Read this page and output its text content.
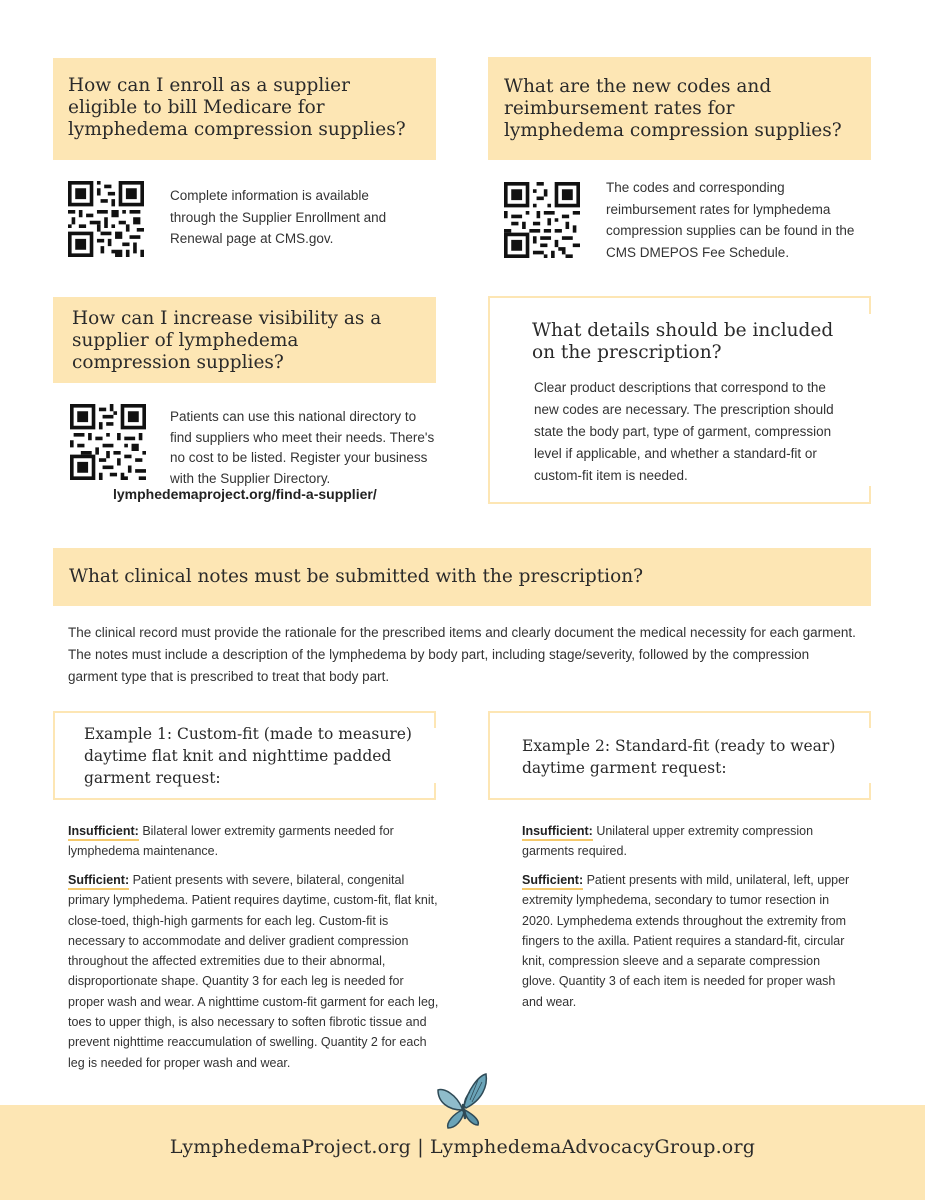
How can I enroll as a supplier eligible to bill Medicare for lymphedema compression supplies?
Complete information is available through the Supplier Enrollment and Renewal page at CMS.gov.
What are the new codes and reimbursement rates for lymphedema compression supplies?
The codes and corresponding reimbursement rates for lymphedema compression supplies can be found in the CMS DMEPOS Fee Schedule.
How can I increase visibility as a supplier of lymphedema compression supplies?
Patients can use this national directory to find suppliers who meet their needs. There's no cost to be listed. Register your business with the Supplier Directory.
lymphedemaproject.org/find-a-supplier/
What details should be included on the prescription?
Clear product descriptions that correspond to the new codes are necessary. The prescription should state the body part, type of garment, compression level if applicable, and whether a standard-fit or custom-fit item is needed.
What clinical notes must be submitted with the prescription?
The clinical record must provide the rationale for the prescribed items and clearly document the medical necessity for each garment. The notes must include a description of the lymphedema by body part, including stage/severity, followed by the compression garment type that is prescribed to treat that body part.
Example 1: Custom-fit (made to measure) daytime flat knit and nighttime padded garment request:
Insufficient: Bilateral lower extremity garments needed for lymphedema maintenance.
Sufficient: Patient presents with severe, bilateral, congenital primary lymphedema. Patient requires daytime, custom-fit, flat knit, close-toed, thigh-high garments for each leg. Custom-fit is necessary to accommodate and deliver gradient compression throughout the affected extremities due to their abnormal, disproportionate shape. Quantity 3 for each leg is needed for proper wash and wear. A nighttime custom-fit garment for each leg, toes to upper thigh, is also necessary to soften fibrotic tissue and prevent nighttime reaccumulation of swelling. Quantity 2 for each leg is needed for proper wash and wear.
Example 2: Standard-fit (ready to wear) daytime garment request:
Insufficient: Unilateral upper extremity compression garments required.
Sufficient: Patient presents with mild, unilateral, left, upper extremity lymphedema, secondary to tumor resection in 2020. Lymphedema extends throughout the extremity from fingers to the axilla. Patient requires a standard-fit, circular knit, compression sleeve and a separate compression glove. Quantity 3 of each item is needed for proper wash and wear.
LymphedemaProject.org | LymphedemaAdvocacyGroup.org
